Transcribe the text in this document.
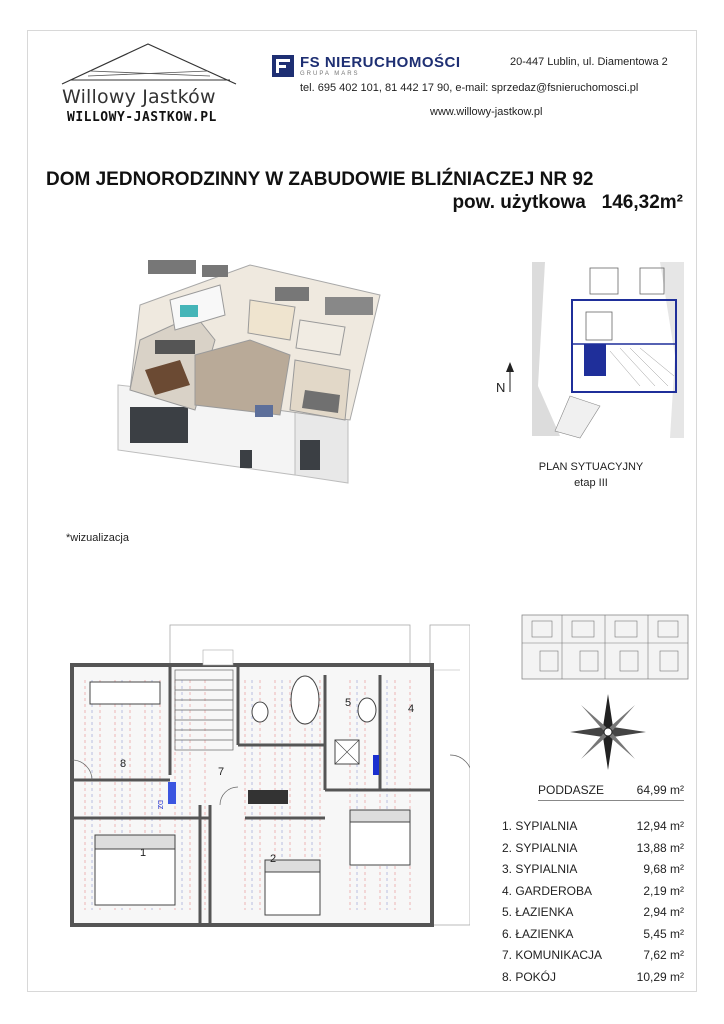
Willowy Jastków
WILLOWY-JASTKOW.PL
FS NIERUCHOMOŚCI
GRUPA MARS
20-447 Lublin, ul. Diamentowa 2
tel. 695 402 101, 81 442 17 90, e-mail: sprzedaz@fsnieruchomosci.pl
www.willowy-jastkow.pl
DOM JEDNORODZINNY W ZABUDOWIE BLIŹNIACZEJ NR 92
pow. użytkowa 146,32m²
N
PLAN SYTUACYJNY
etap III
*wizualizacja
1	2
4
5
7
8
DZ
PODDASZE	64,99 m²
1. SYPIALNIA	12,94 m²
2. SYPIALNIA	13,88 m²
3. SYPIALNIA	9,68 m²
4. GARDEROBA	2,19 m²
5. ŁAZIENKA	2,94 m²
6. ŁAZIENKA	5,45 m²
7. KOMUNIKACJA	7,62 m²
8. POKÓJ	10,29 m²
